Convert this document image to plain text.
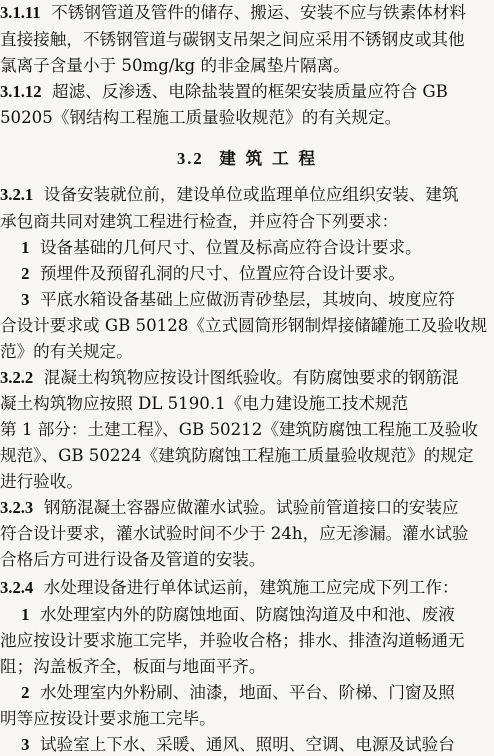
3.1.11 不锈钢管道及管件的储存、搬运、安装不应与铁素体材料
直接接触，不锈钢管道与碳钢支吊架之间应采用不锈钢皮或其他
氯离子含量小于 50mg/kg 的非金属垫片隔离。
3.1.12 超滤、反渗透、电除盐装置的框架安装质量应符合 GB
50205《钢结构工程施工质量验收规范》的有关规定。
3.2 建 筑 工 程
3.2.1 设备安装就位前，建设单位或监理单位应组织安装、建筑
承包商共同对建筑工程进行检查，并应符合下列要求：
1 设备基础的几何尺寸、位置及标高应符合设计要求。
2 预埋件及预留孔洞的尺寸、位置应符合设计要求。
3 平底水箱设备基础上应做沥青砂垫层，其坡向、坡度应符
合设计要求或 GB 50128《立式圆筒形钢制焊接储罐施工及验收规
范》的有关规定。
3.2.2 混凝土构筑物应按设计图纸验收。有防腐蚀要求的钢筋混
凝土构筑物应按照 DL 5190.1《电力建设施工技术规范
第 1 部分：土建工程》、GB 50212《建筑防腐蚀工程施工及验收
规范》、GB 50224《建筑防腐蚀工程施工质量验收规范》的规定
进行验收。
3.2.3 钢筋混凝土容器应做灌水试验。试验前管道接口的安装应
符合设计要求，灌水试验时间不少于 24h，应无渗漏。灌水试验
合格后方可进行设备及管道的安装。
3.2.4 水处理设备进行单体试运前，建筑施工应完成下列工作：
1 水处理室内外的防腐蚀地面、防腐蚀沟道及中和池、废液
池应按设计要求施工完毕，并验收合格；排水、排渣沟道畅通无
阻；沟盖板齐全，板面与地面平齐。
2 水处理室内外粉刷、油漆，地面、平台、阶梯、门窗及照
明等应按设计要求施工完毕。
3 试验室上下水、采暖、通风、照明、空调、电源及试验台
